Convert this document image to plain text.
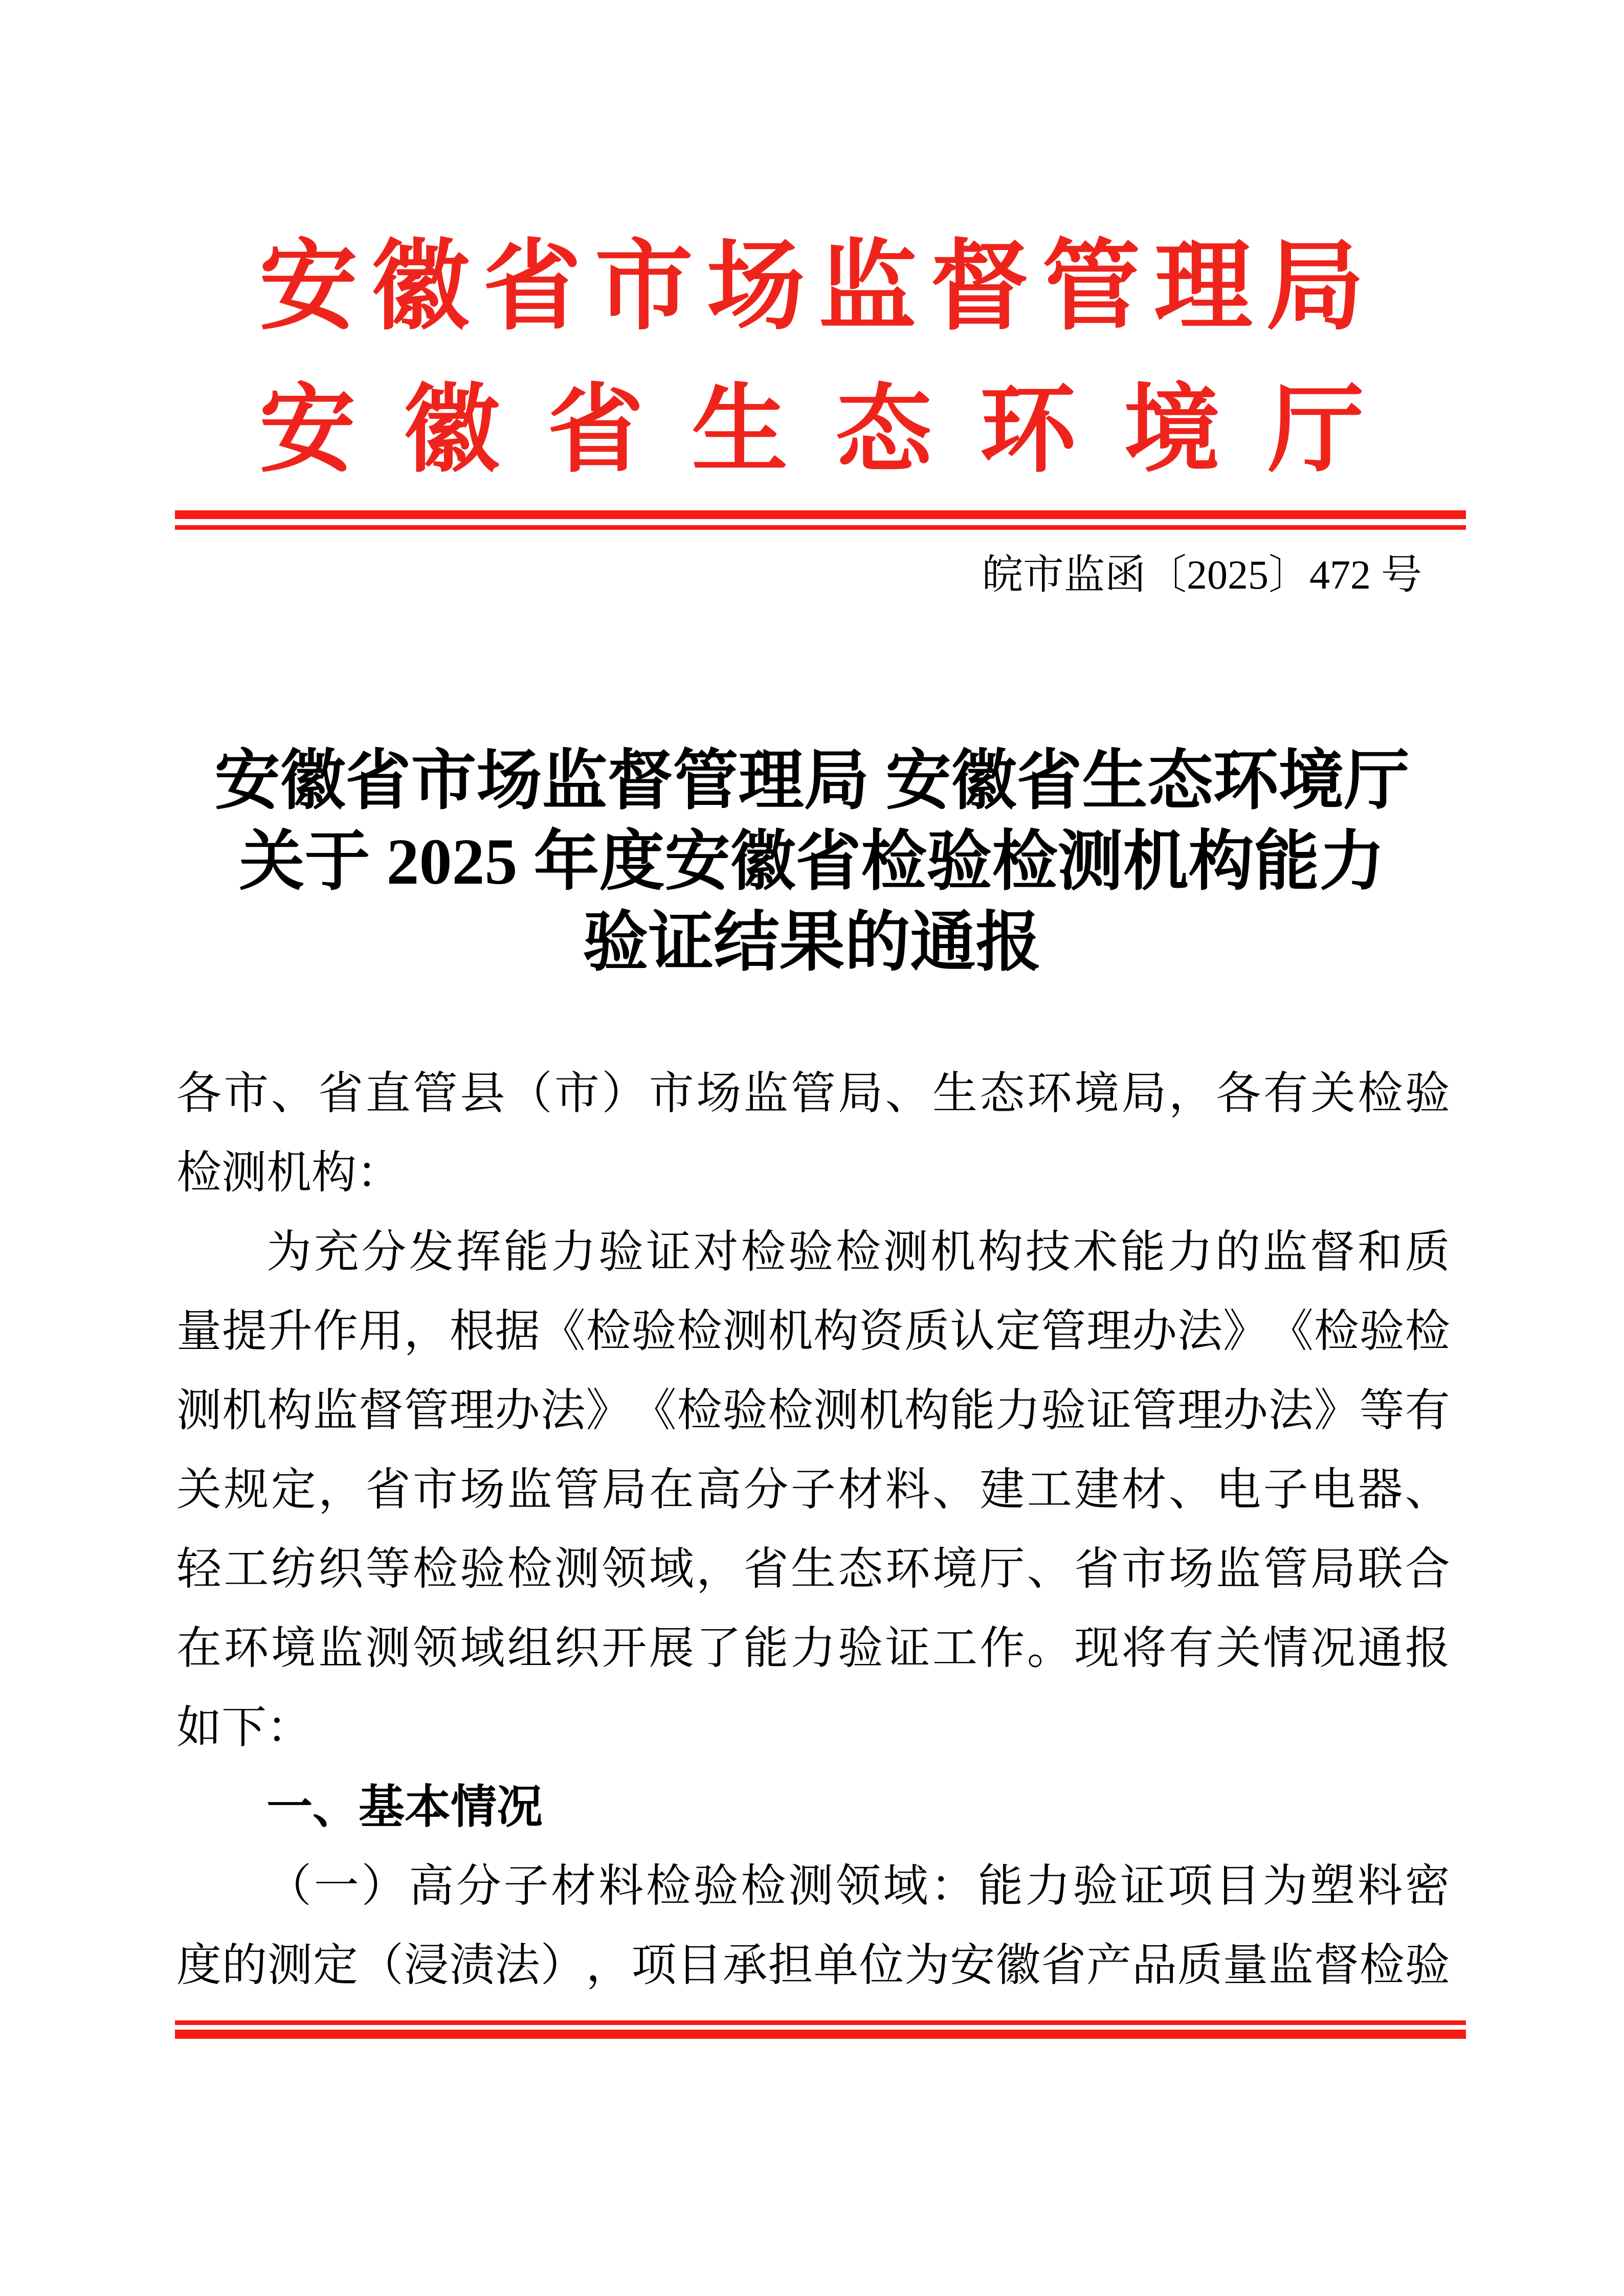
安 徽 省 市 场 监 督 管 理 局
安 徽 省 生 态 环 境 厅
皖市监函〔2025〕472 号
安徽省市场监督管理局 安徽省生态环境厅
关于 2025 年度安徽省检验检测机构能力
验证结果的通报
各 市 、 省 直 管 县 （ 市 ） 市 场 监 管 局 、 生 态 环 境 局 ， 各 有 关 检 验
检测机构：
为 充 分 发 挥 能 力 验 证 对 检 验 检 测 机 构 技 术 能 力 的 监 督 和 质
量 提 升 作 用 ， 根 据 《 检 验 检 测 机 构 资 质 认 定 管 理 办 法 》 《 检 验 检
测 机 构 监 督 管 理 办 法 》 《 检 验 检 测 机 构 能 力 验 证 管 理 办 法 》 等 有
关 规 定 ， 省 市 场 监 管 局 在 高 分 子 材 料 、 建 工 建 材 、 电 子 电 器 、
轻 工 纺 织 等 检 验 检 测 领 域 ， 省 生 态 环 境 厅 、 省 市 场 监 管 局 联 合
在 环 境 监 测 领 域 组 织 开 展 了 能 力 验 证 工 作 。 现 将 有 关 情 况 通 报
如下：
一、基本情况
（ 一 ） 高 分 子 材 料 检 验 检 测 领 域 ： 能 力 验 证 项 目 为 塑 料 密
度 的 测 定 （ 浸 渍 法 ） ， 项 目 承 担 单 位 为 安 徽 省 产 品 质 量 监 督 检 验
